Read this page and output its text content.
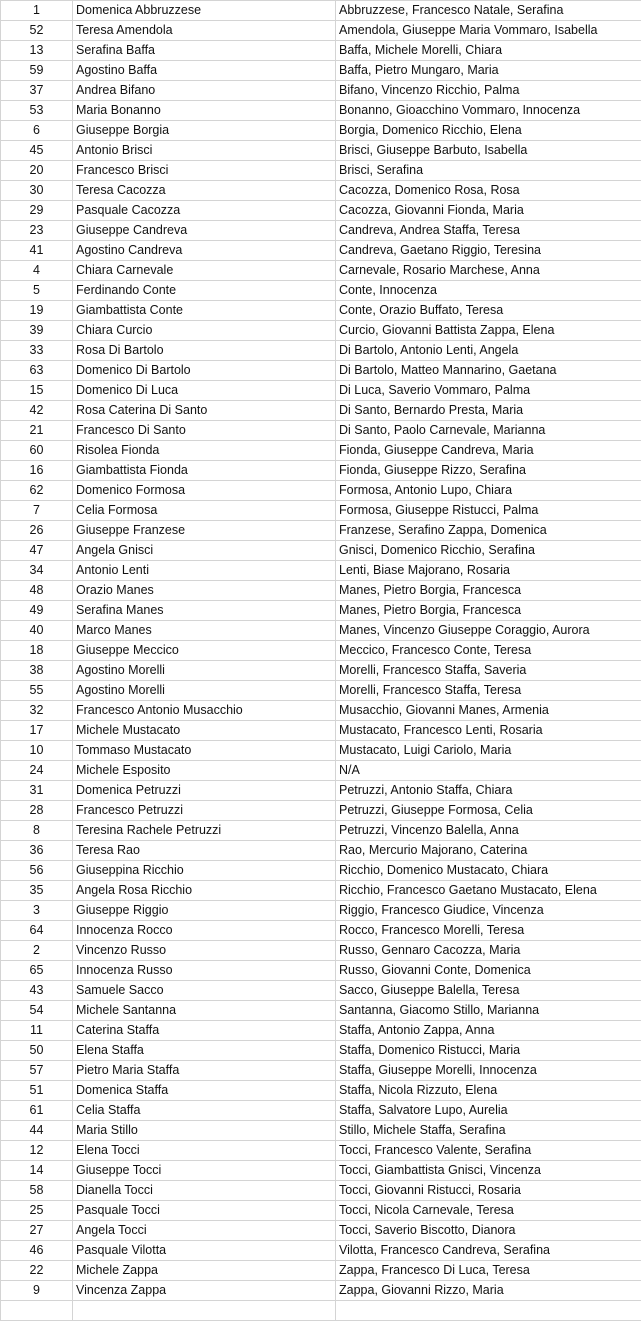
1	Domenica Abbruzzese	Abbruzzese, Francesco Natale, Serafina
52	Teresa Amendola	Amendola, Giuseppe Maria Vommaro, Isabella
13	Serafina Baffa	Baffa, Michele Morelli, Chiara
59	Agostino Baffa	Baffa, Pietro Mungaro, Maria
37	Andrea Bifano	Bifano, Vincenzo Ricchio, Palma
53	Maria Bonanno	Bonanno, Gioacchino Vommaro, Innocenza
6	Giuseppe Borgia	Borgia, Domenico Ricchio, Elena
45	Antonio Brisci	Brisci, Giuseppe Barbuto, Isabella
20	Francesco Brisci	Brisci, Serafina
30	Teresa Cacozza	Cacozza, Domenico Rosa, Rosa
29	Pasquale Cacozza	Cacozza, Giovanni Fionda, Maria
23	Giuseppe Candreva	Candreva, Andrea Staffa, Teresa
41	Agostino Candreva	Candreva, Gaetano Riggio, Teresina
4	Chiara Carnevale	Carnevale, Rosario Marchese, Anna
5	Ferdinando Conte	Conte, Innocenza
19	Giambattista Conte	Conte, Orazio Buffato, Teresa
39	Chiara Curcio	Curcio, Giovanni Battista Zappa, Elena
33	Rosa Di Bartolo	Di Bartolo, Antonio Lenti, Angela
63	Domenico Di Bartolo	Di Bartolo, Matteo Mannarino, Gaetana
15	Domenico Di Luca	Di Luca, Saverio Vommaro, Palma
42	Rosa Caterina Di Santo	Di Santo, Bernardo Presta, Maria
21	Francesco Di Santo	Di Santo, Paolo Carnevale, Marianna
60	Risolea Fionda	Fionda, Giuseppe Candreva, Maria
16	Giambattista Fionda	Fionda, Giuseppe Rizzo, Serafina
62	Domenico Formosa	Formosa, Antonio Lupo, Chiara
7	Celia Formosa	Formosa, Giuseppe Ristucci, Palma
26	Giuseppe Franzese	Franzese, Serafino Zappa, Domenica
47	Angela Gnisci	Gnisci, Domenico Ricchio, Serafina
34	Antonio Lenti	Lenti, Biase Majorano, Rosaria
48	Orazio Manes	Manes, Pietro Borgia, Francesca
49	Serafina Manes	Manes, Pietro Borgia, Francesca
40	Marco Manes	Manes, Vincenzo Giuseppe Coraggio, Aurora
18	Giuseppe Meccico	Meccico, Francesco Conte, Teresa
38	Agostino Morelli	Morelli, Francesco Staffa, Saveria
55	Agostino Morelli	Morelli, Francesco Staffa, Teresa
32	Francesco Antonio Musacchio	Musacchio, Giovanni Manes, Armenia
17	Michele Mustacato	Mustacato, Francesco Lenti, Rosaria
10	Tommaso Mustacato	Mustacato, Luigi Cariolo, Maria
24	Michele Esposito	N/A
31	Domenica Petruzzi	Petruzzi, Antonio Staffa, Chiara
28	Francesco Petruzzi	Petruzzi, Giuseppe Formosa, Celia
8	Teresina Rachele Petruzzi	Petruzzi, Vincenzo Balella, Anna
36	Teresa Rao	Rao, Mercurio Majorano, Caterina
56	Giuseppina Ricchio	Ricchio, Domenico Mustacato, Chiara
35	Angela Rosa Ricchio	Ricchio, Francesco Gaetano Mustacato, Elena
3	Giuseppe Riggio	Riggio, Francesco Giudice, Vincenza
64	Innocenza Rocco	Rocco, Francesco Morelli, Teresa
2	Vincenzo Russo	Russo, Gennaro Cacozza, Maria
65	Innocenza Russo	Russo, Giovanni Conte, Domenica
43	Samuele Sacco	Sacco, Giuseppe Balella, Teresa
54	Michele Santanna	Santanna, Giacomo Stillo, Marianna
11	Caterina Staffa	Staffa, Antonio Zappa, Anna
50	Elena Staffa	Staffa, Domenico Ristucci, Maria
57	Pietro Maria Staffa	Staffa, Giuseppe Morelli, Innocenza
51	Domenica Staffa	Staffa, Nicola Rizzuto, Elena
61	Celia Staffa	Staffa, Salvatore Lupo, Aurelia
44	Maria Stillo	Stillo, Michele Staffa, Serafina
12	Elena Tocci	Tocci, Francesco Valente, Serafina
14	Giuseppe Tocci	Tocci, Giambattista Gnisci, Vincenza
58	Dianella Tocci	Tocci, Giovanni Ristucci, Rosaria
25	Pasquale Tocci	Tocci, Nicola Carnevale, Teresa
27	Angela Tocci	Tocci, Saverio Biscotto, Dianora
46	Pasquale Vilotta	Vilotta, Francesco Candreva, Serafina
22	Michele Zappa	Zappa, Francesco Di Luca, Teresa
9	Vincenza Zappa	Zappa, Giovanni Rizzo, Maria
